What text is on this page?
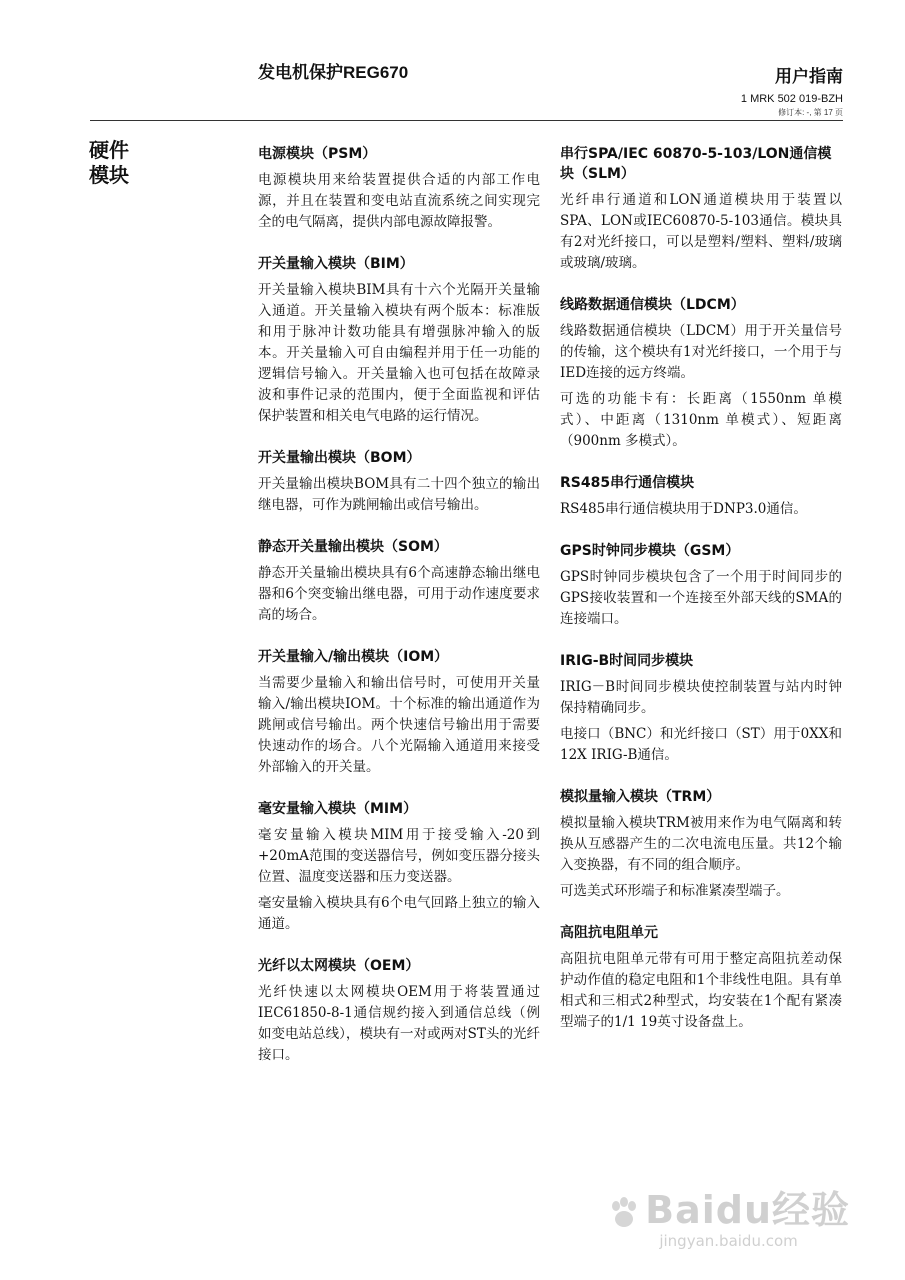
发电机保护REG670	用户指南
1 MRK 502 019-BZH
修订本: -, 第 17 页
硬件
模块
电源模块（PSM）

电源模块用来给装置提供合适的内部工作电源，并且在装置和变电站直流系统之间实现完全的电气隔离，提供内部电源故障报警。

开关量输入模块（BIM）

开关量输入模块BIM具有十六个光隔开关量输入通道。开关量输入模块有两个版本：标准版和用于脉冲计数功能具有增强脉冲输入的版本。开关量输入可自由编程并用于任一功能的逻辑信号输入。开关量输入也可包括在故障录波和事件记录的范围内，便于全面监视和评估保护装置和相关电气电路的运行情况。

开关量输出模块（BOM）

开关量输出模块BOM具有二十四个独立的输出继电器，可作为跳闸输出或信号输出。

静态开关量输出模块（SOM）

静态开关量输出模块具有6个高速静态输出继电器和6个突变输出继电器，可用于动作速度要求高的场合。

开关量输入/输出模块（IOM）

当需要少量输入和输出信号时，可使用开关量输入/输出模块IOM。十个标准的输出通道作为跳闸或信号输出。两个快速信号输出用于需要快速动作的场合。八个光隔输入通道用来接受外部输入的开关量。

毫安量输入模块（MIM）

毫安量输入模块MIM用于接受输入-20到+20mA范围的变送器信号，例如变压器分接头位置、温度变送器和压力变送器。

毫安量输入模块具有6个电气回路上独立的输入通道。

光纤以太网模块（OEM）

光纤快速以太网模块OEM用于将装置通过IEC61850-8-1通信规约接入到通信总线（例如变电站总线），模块有一对或两对ST头的光纤接口。

串行SPA/IEC 60870-5-103/LON通信模块（SLM）

光纤串行通道和LON通道模块用于装置以SPA、LON或IEC60870-5-103通信。模块具有2对光纤接口，可以是塑料/塑料、塑料/玻璃或玻璃/玻璃。

线路数据通信模块（LDCM）

线路数据通信模块（LDCM）用于开关量信号的传输，这个模块有1对光纤接口，一个用于与IED连接的远方终端。

可选的功能卡有：长距离（1550nm 单模式）、中距离（1310nm 单模式）、短距离（900nm 多模式）。

RS485串行通信模块

RS485串行通信模块用于DNP3.0通信。

GPS时钟同步模块（GSM）

GPS时钟同步模块包含了一个用于时间同步的GPS接收装置和一个连接至外部天线的SMA的连接端口。

IRIG-B时间同步模块

IRIG－B时间同步模块使控制装置与站内时钟保持精确同步。

电接口（BNC）和光纤接口（ST）用于0XX和12X IRIG-B通信。

模拟量输入模块（TRM）

模拟量输入模块TRM被用来作为电气隔离和转换从互感器产生的二次电流电压量。共12个输入变换器，有不同的组合顺序。

可选美式环形端子和标准紧凑型端子。

高阻抗电阻单元

高阻抗电阻单元带有可用于整定高阻抗差动保护动作值的稳定电阻和1个非线性电阻。具有单相式和三相式2种型式，均安装在1个配有紧凑型端子的1/1 19英寸设备盘上。

Baidu经验
jingyan.baidu.com
